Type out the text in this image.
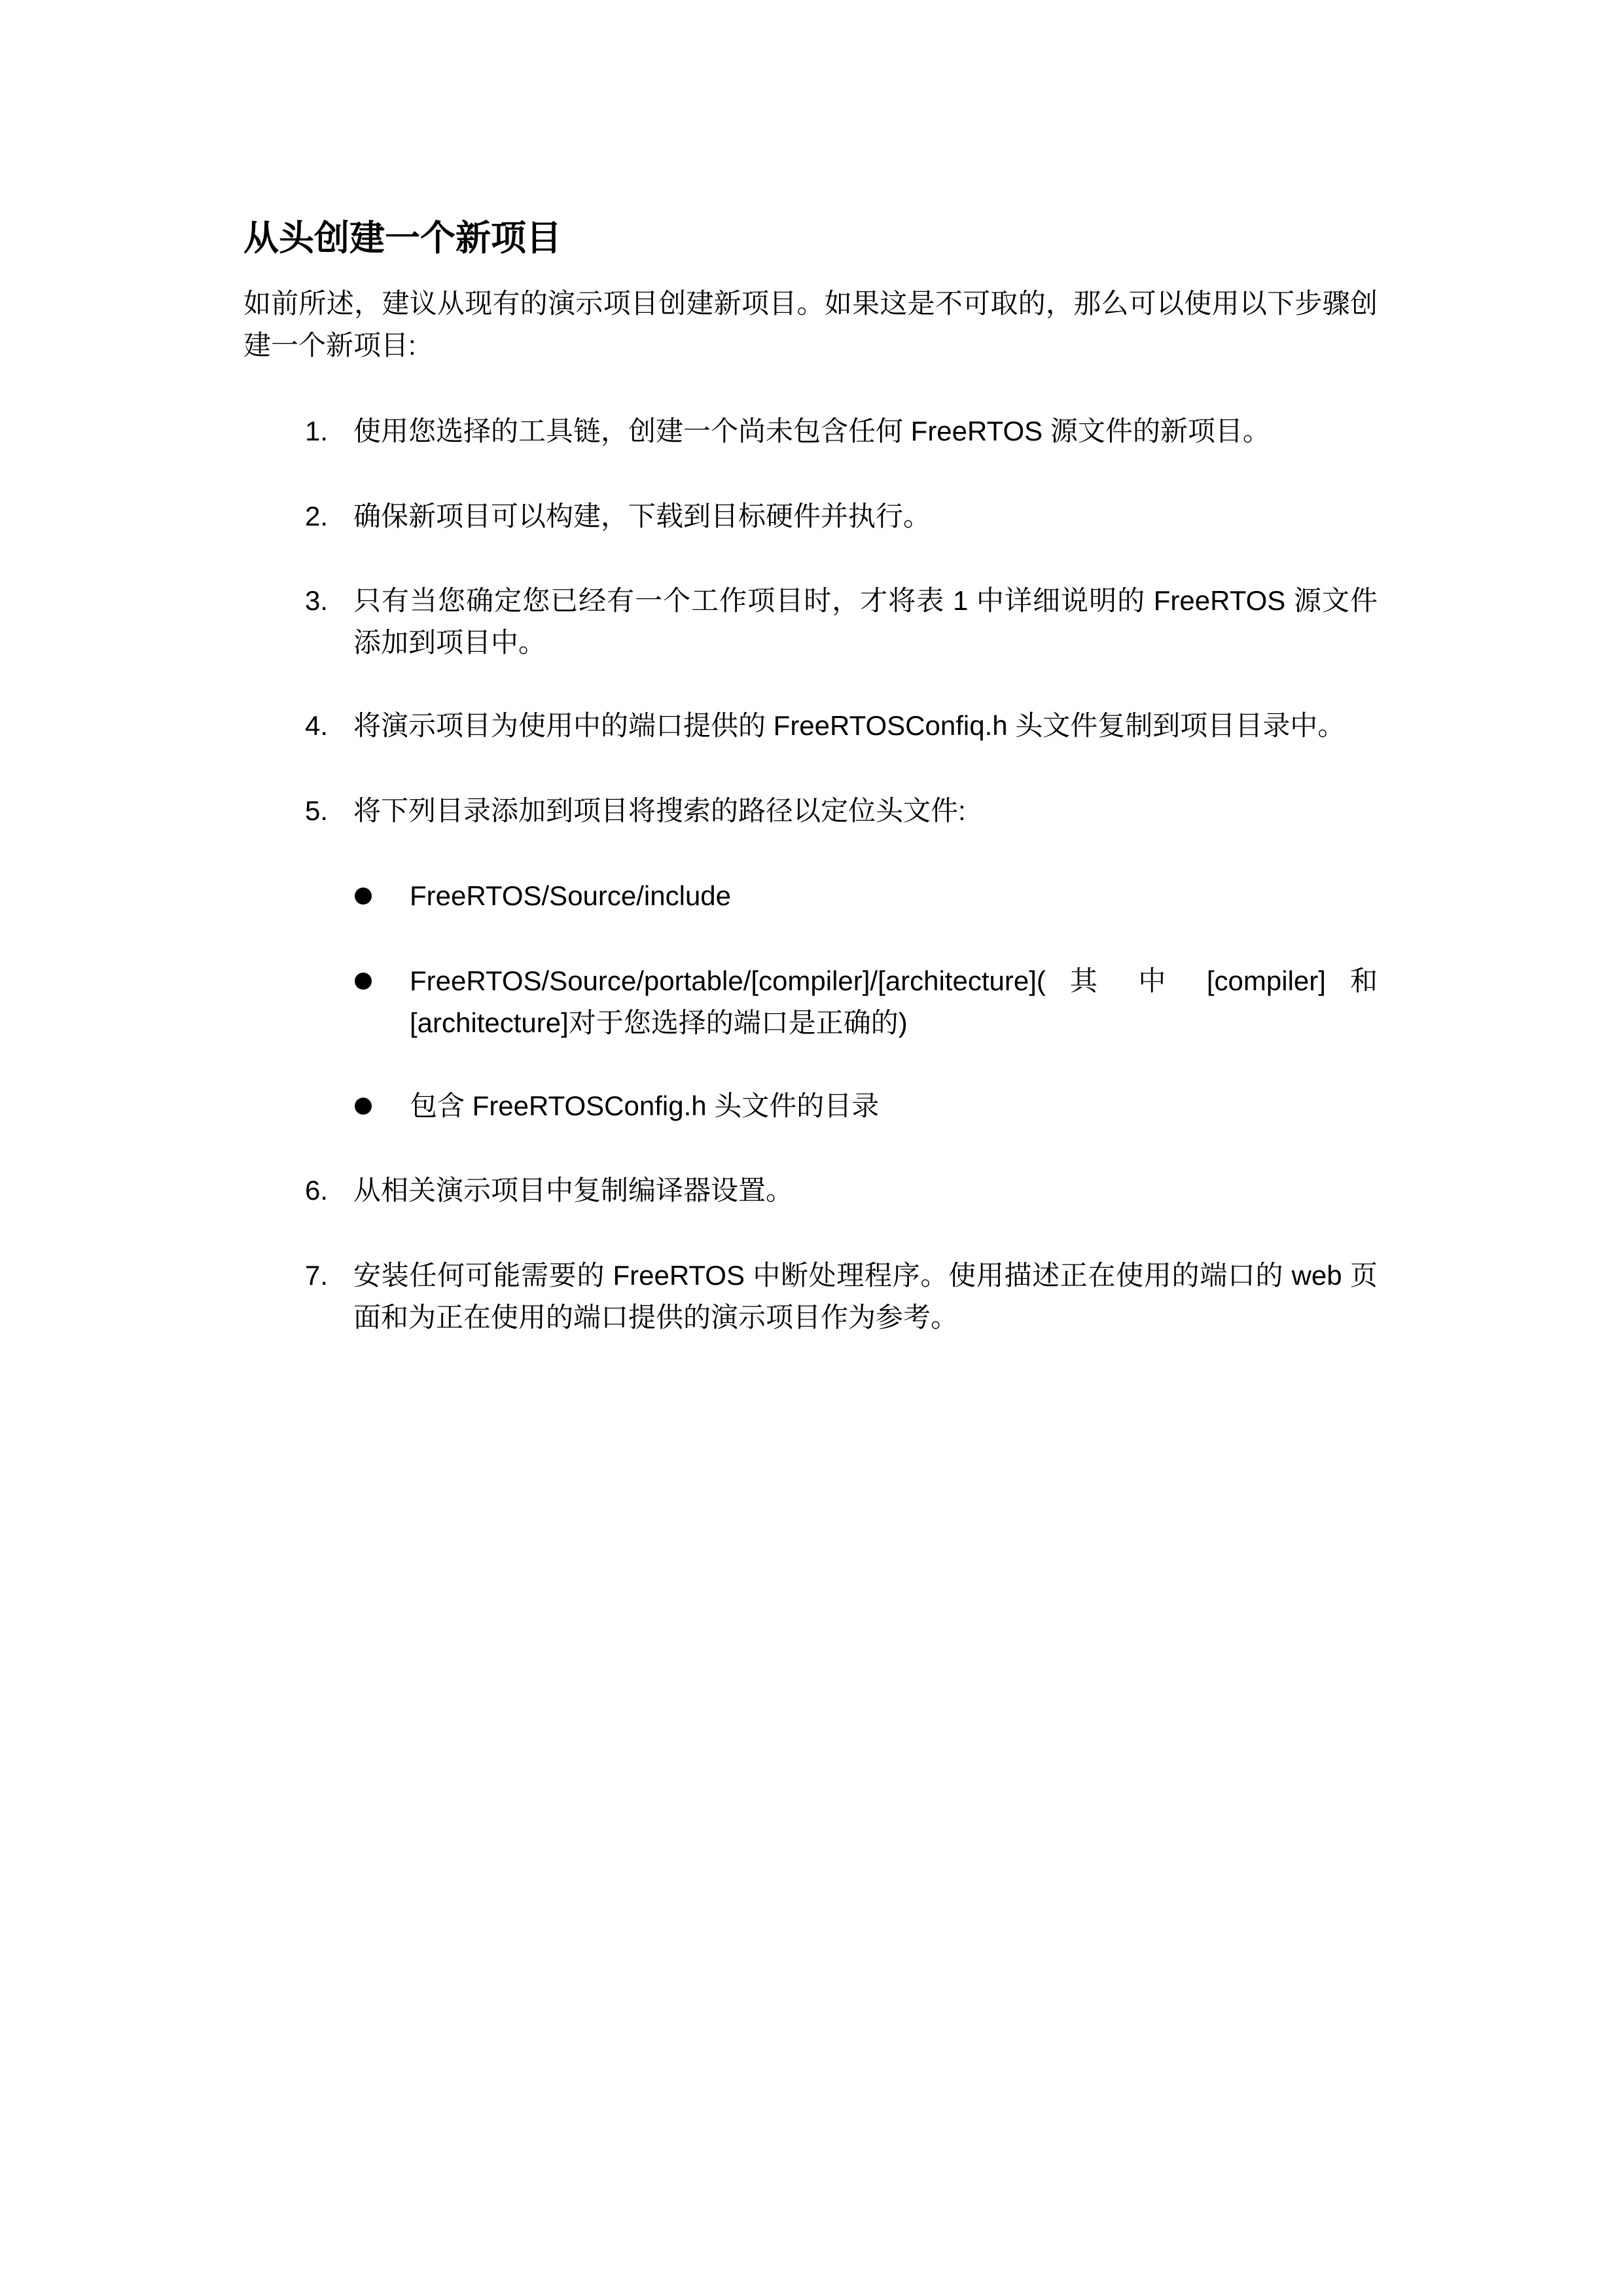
从头创建一个新项目

如前所述，建议从现有的演示项目创建新项目。如果这是不可取的，那么可以使用以下步骤创建一个新项目:

1. 使用您选择的工具链，创建一个尚未包含任何 FreeRTOS 源文件的新项目。
2. 确保新项目可以构建，下载到目标硬件并执行。
3. 只有当您确定您已经有一个工作项目时，才将表 1 中详细说明的 FreeRTOS 源文件添加到项目中。
4. 将演示项目为使用中的端口提供的 FreeRTOSConfiq.h 头文件复制到项目目录中。
5. 将下列目录添加到项目将搜索的路径以定位头文件:
FreeRTOS/Source/include
FreeRTOS/Source/portable/[compiler]/[architecture]( 其 中 [compiler] 和 [architecture]对于您选择的端口是正确的)
包含 FreeRTOSConfig.h 头文件的目录
6. 从相关演示项目中复制编译器设置。
7. 安装任何可能需要的 FreeRTOS 中断处理程序。使用描述正在使用的端口的 web 页面和为正在使用的端口提供的演示项目作为参考。
